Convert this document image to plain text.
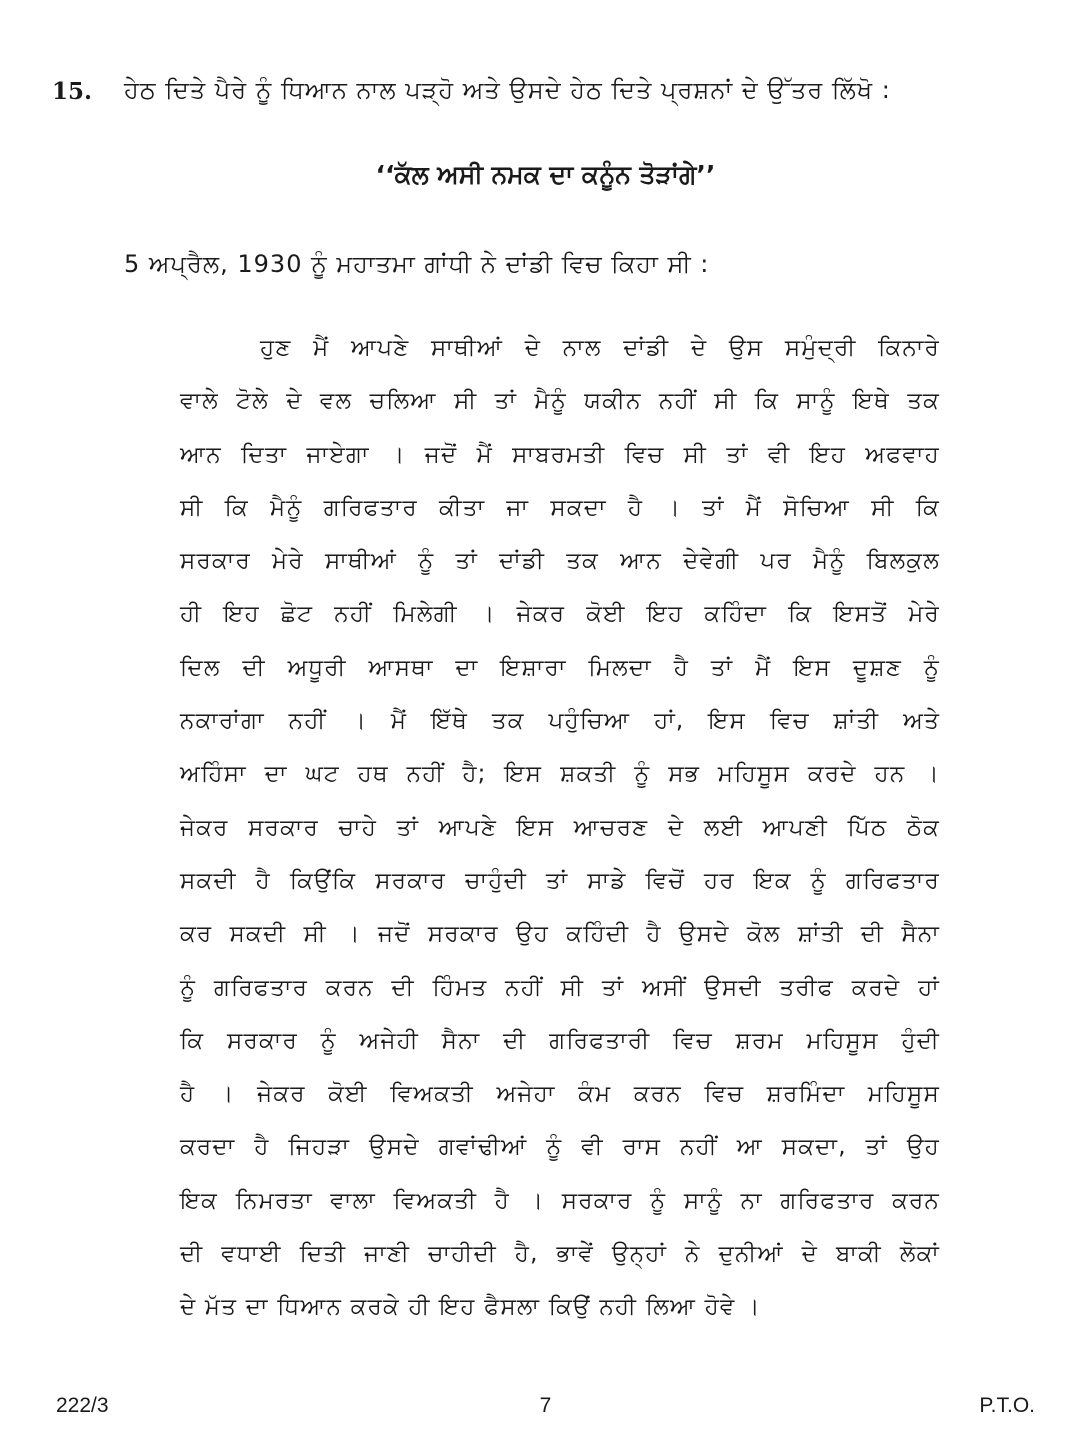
15. ਹੇਠ ਦਿਤੇ ਪੈਰੇ ਨੂੰ ਧਿਆਨ ਨਾਲ ਪੜ੍ਹੋ ਅਤੇ ਉਸਦੇ ਹੇਠ ਦਿਤੇ ਪ੍ਰਸ਼ਨਾਂ ਦੇ ਉੱਤਰ ਲਿੱਖੋ :
‘‘ਕੱਲ ਅਸੀ ਨਮਕ ਦਾ ਕਨੂੰਨ ਤੋੜਾਂਗੇ’’
5 ਅਪ੍ਰੈਲ, 1930 ਨੂੰ ਮਹਾਤਮਾ ਗਾਂਧੀ ਨੇ ਦਾਂਡੀ ਵਿਚ ਕਿਹਾ ਸੀ :
ਹੁਣ ਮੈਂ ਆਪਣੇ ਸਾਥੀਆਂ ਦੇ ਨਾਲ ਦਾਂਡੀ ਦੇ ਉਸ ਸਮੁੰਦ੍ਰੀ ਕਿਨਾਰੇ
ਵਾਲੇ ਟੋਲੇ ਦੇ ਵਲ ਚਲਿਆ ਸੀ ਤਾਂ ਮੈਨੂੰ ਯਕੀਨ ਨਹੀਂ ਸੀ ਕਿ ਸਾਨੂੰ ਇਥੇ ਤਕ
ਆਨ ਦਿਤਾ ਜਾਏਗਾ । ਜਦੋਂ ਮੈਂ ਸਾਬਰਮਤੀ ਵਿਚ ਸੀ ਤਾਂ ਵੀ ਇਹ ਅਫਵਾਹ
ਸੀ ਕਿ ਮੈਨੂੰ ਗਰਿਫਤਾਰ ਕੀਤਾ ਜਾ ਸਕਦਾ ਹੈ । ਤਾਂ ਮੈਂ ਸੋਚਿਆ ਸੀ ਕਿ
ਸਰਕਾਰ ਮੇਰੇ ਸਾਥੀਆਂ ਨੂੰ ਤਾਂ ਦਾਂਡੀ ਤਕ ਆਨ ਦੇਵੇਗੀ ਪਰ ਮੈਨੂੰ ਬਿਲਕੁਲ
ਹੀ ਇਹ ਛੋਟ ਨਹੀਂ ਮਿਲੇਗੀ । ਜੇਕਰ ਕੋਈ ਇਹ ਕਹਿੰਦਾ ਕਿ ਇਸਤੋਂ ਮੇਰੇ
ਦਿਲ ਦੀ ਅਧੂਰੀ ਆਸਥਾ ਦਾ ਇਸ਼ਾਰਾ ਮਿਲਦਾ ਹੈ ਤਾਂ ਮੈਂ ਇਸ ਦੂਸ਼ਣ ਨੂੰ
ਨਕਾਰਾਂਗਾ ਨਹੀਂ । ਮੈਂ ਇੱਥੇ ਤਕ ਪਹੁੰਚਿਆ ਹਾਂ, ਇਸ ਵਿਚ ਸ਼ਾਂਤੀ ਅਤੇ
ਅਹਿੰਸਾ ਦਾ ਘਟ ਹਥ ਨਹੀਂ ਹੈ; ਇਸ ਸ਼ਕਤੀ ਨੂੰ ਸਭ ਮਹਿਸੂਸ ਕਰਦੇ ਹਨ ।
ਜੇਕਰ ਸਰਕਾਰ ਚਾਹੇ ਤਾਂ ਆਪਣੇ ਇਸ ਆਚਰਣ ਦੇ ਲਈ ਆਪਣੀ ਪਿੱਠ ਠੋਕ
ਸਕਦੀ ਹੈ ਕਿਉਂਕਿ ਸਰਕਾਰ ਚਾਹੁੰਦੀ ਤਾਂ ਸਾਡੇ ਵਿਚੋਂ ਹਰ ਇਕ ਨੂੰ ਗਰਿਫਤਾਰ
ਕਰ ਸਕਦੀ ਸੀ । ਜਦੋਂ ਸਰਕਾਰ ਉਹ ਕਹਿੰਦੀ ਹੈ ਉਸਦੇ ਕੋਲ ਸ਼ਾਂਤੀ ਦੀ ਸੈਨਾ
ਨੂੰ ਗਰਿਫਤਾਰ ਕਰਨ ਦੀ ਹਿੰਮਤ ਨਹੀਂ ਸੀ ਤਾਂ ਅਸੀਂ ਉਸਦੀ ਤਰੀਫ ਕਰਦੇ ਹਾਂ
ਕਿ ਸਰਕਾਰ ਨੂੰ ਅਜੇਹੀ ਸੈਨਾ ਦੀ ਗਰਿਫਤਾਰੀ ਵਿਚ ਸ਼ਰਮ ਮਹਿਸੂਸ ਹੁੰਦੀ
ਹੈ । ਜੇਕਰ ਕੋਈ ਵਿਅਕਤੀ ਅਜੇਹਾ ਕੰਮ ਕਰਨ ਵਿਚ ਸ਼ਰਮਿੰਦਾ ਮਹਿਸੂਸ
ਕਰਦਾ ਹੈ ਜਿਹੜਾ ਉਸਦੇ ਗਵਾਂਢੀਆਂ ਨੂੰ ਵੀ ਰਾਸ ਨਹੀਂ ਆ ਸਕਦਾ, ਤਾਂ ਉਹ
ਇਕ ਨਿਮਰਤਾ ਵਾਲਾ ਵਿਅਕਤੀ ਹੈ । ਸਰਕਾਰ ਨੂੰ ਸਾਨੂੰ ਨਾ ਗਰਿਫਤਾਰ ਕਰਨ
ਦੀ ਵਧਾਈ ਦਿਤੀ ਜਾਣੀ ਚਾਹੀਦੀ ਹੈ, ਭਾਵੇਂ ਉਨ੍ਹਾਂ ਨੇ ਦੁਨੀਆਂ ਦੇ ਬਾਕੀ ਲੋਕਾਂ
ਦੇ ਮੱਤ ਦਾ ਧਿਆਨ ਕਰਕੇ ਹੀ ਇਹ ਫੈਸਲਾ ਕਿਉਂ ਨਹੀ ਲਿਆ ਹੋਵੇ ।
222/3	7	P.T.O.
